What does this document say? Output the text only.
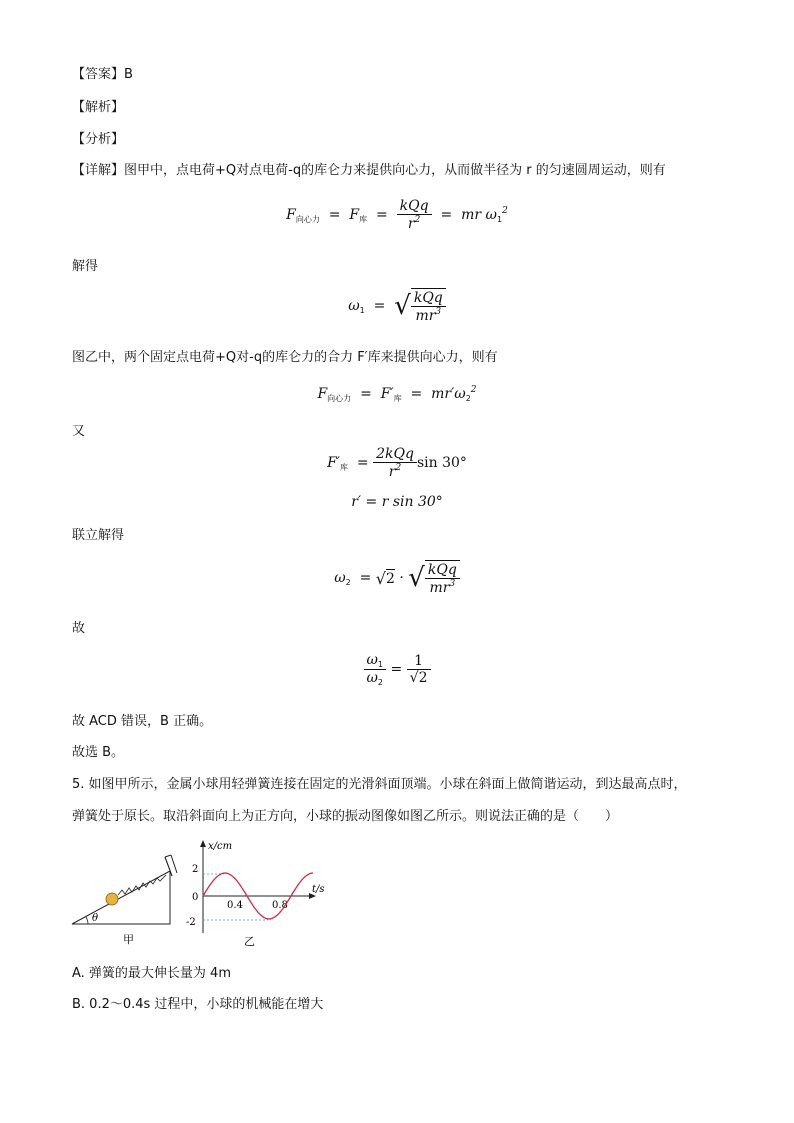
【答案】B
【解析】
【分析】
【详解】图甲中，点电荷+Q对点电荷-q的库仑力来提供向心力，从而做半径为 r 的匀速圆周运动，则有
$F_{向心力} = F_库 = \frac{\text{kQq}}{r^2}$ =  mr $\omega_1^2$
解得
$\omega_1$  =  √ $\frac{\text{kQq}}{mr^3}$
图乙中，两个固定点电荷+Q对-q的库仑力的合力 F′库来提供向心力，则有
$F_{向心力} = F'_库 = mr'\omega_2^2$
又
$F'_库 = \frac{\text{2kQq}}{r^2}$ sin 30°
r′ = r sin 30°
联立解得
$\omega_2 = √2$ · √ $\frac{\text{kQq}}{mr^3}$
故
$\frac{\omega_1}{\omega_2} = \frac{1}{√2}$
故 ACD 错误，B 正确。
故选 B。
5. 如图甲所示，金属小球用轻弹簧连接在固定的光滑斜面顶端。小球在斜面上做简谐运动，到达最高点时，
弹簧处于原长。取沿斜面向上为正方向，小球的振动图像如图乙所示。则说法正确的是（　　）
θ
甲
x/cm
t/s
2
0
-2
0.4	0.8
乙
A. 弹簧的最大伸长量为 4m
B. 0.2～0.4s 过程中，小球的机械能在增大
